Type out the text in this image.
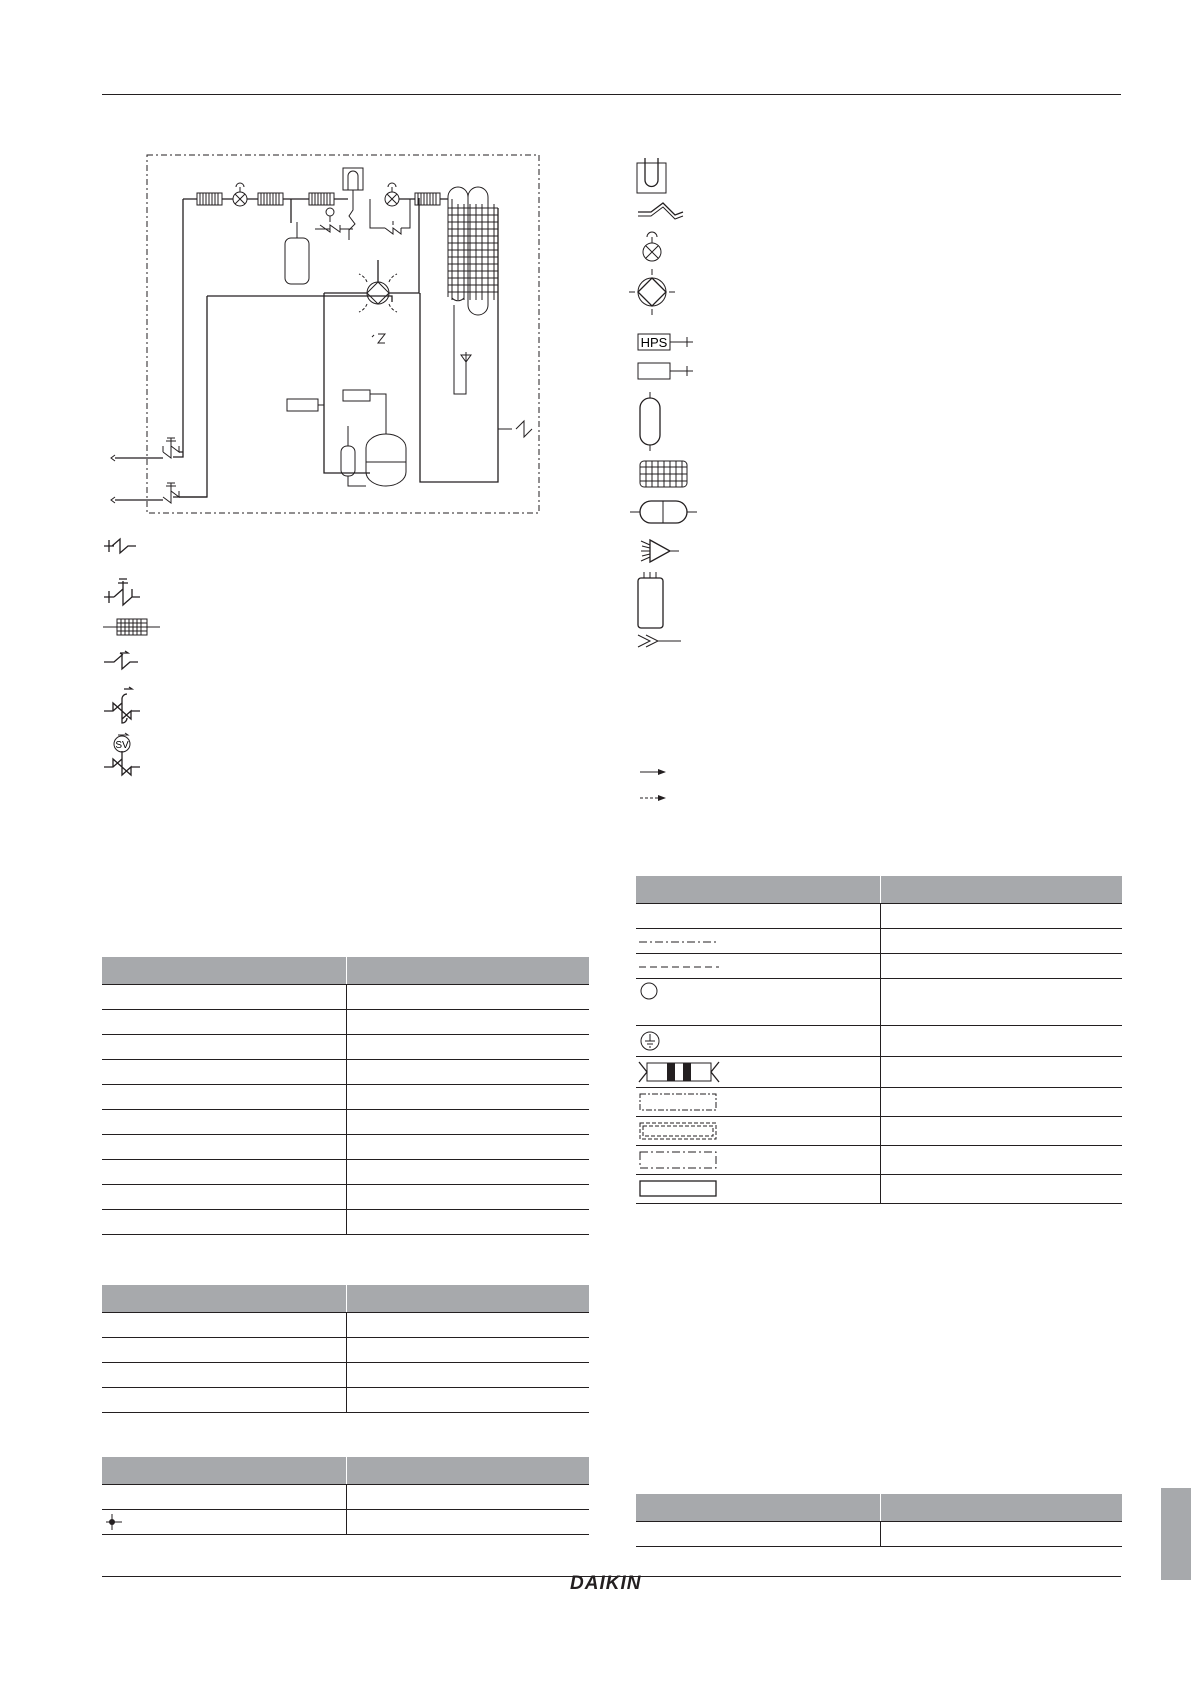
SV
HPS

DAIKIN
